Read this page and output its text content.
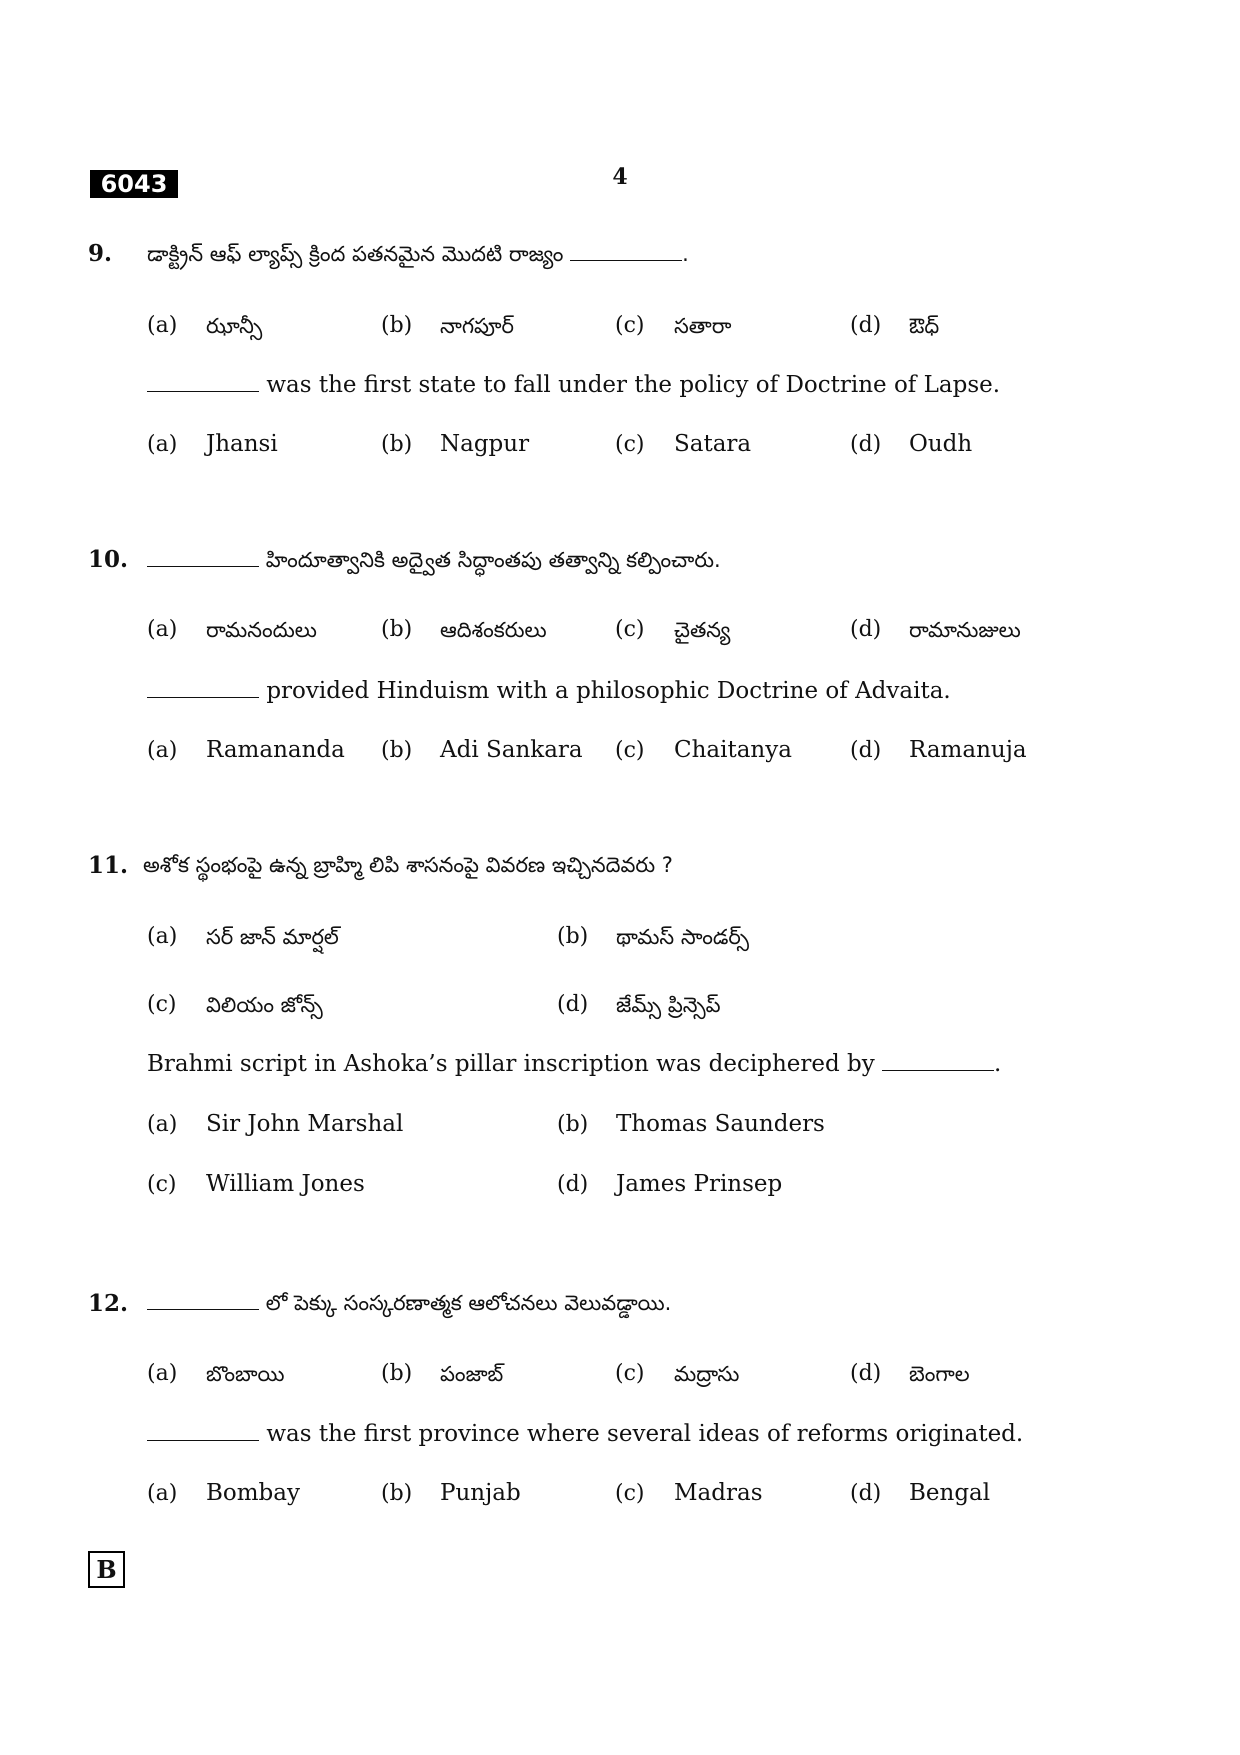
6043	4
9. డాక్ట్రిన్ ఆఫ్ ల్యాప్స్ క్రింద పతనమైన మొదటి రాజ్యం	.
(a) ఝాన్సీ	(b) నాగపూర్	(c) సతారా	(d) ఔధ్
was the first state to fall under the policy of Doctrine of Lapse.
(a) Jhansi	(b) Nagpur	(c) Satara	(d) Oudh
10.	హిందూత్వానికి అద్వైత సిద్ధాంతపు తత్వాన్ని కల్పించారు.
(a) రామనందులు	(b) ఆదిశంకరులు	(c) చైతన్య	(d) రామానుజులు
provided Hinduism with a philosophic Doctrine of Advaita.
(a) Ramananda (b) Adi Sankara (c) Chaitanya	(d) Ramanuja
11. అశోక స్థంభంపై ఉన్న బ్రాహ్మి లిపి శాసనంపై వివరణ ఇచ్చినదెవరు ?
(a) సర్ జాన్ మార్షల్	(b) థామస్ సాండర్స్
(c) విలియం జోన్స్	(d) జేమ్స్ ప్రిన్సెప్
Brahmi script in Ashoka’s pillar inscription was deciphered by	.
(a) Sir John Marshal	(b) Thomas Saunders
(c) William Jones	(d) James Prinsep
12.	లో పెక్కు సంస్కరణాత్మక ఆలోచనలు వెలువడ్డాయి.
(a) బొంబాయి	(b) పంజాబ్	(c) మద్రాసు	(d) బెంగాల
was the first province where several ideas of reforms originated.
(a) Bombay	(b) Punjab	(c) Madras	(d) Bengal
B
